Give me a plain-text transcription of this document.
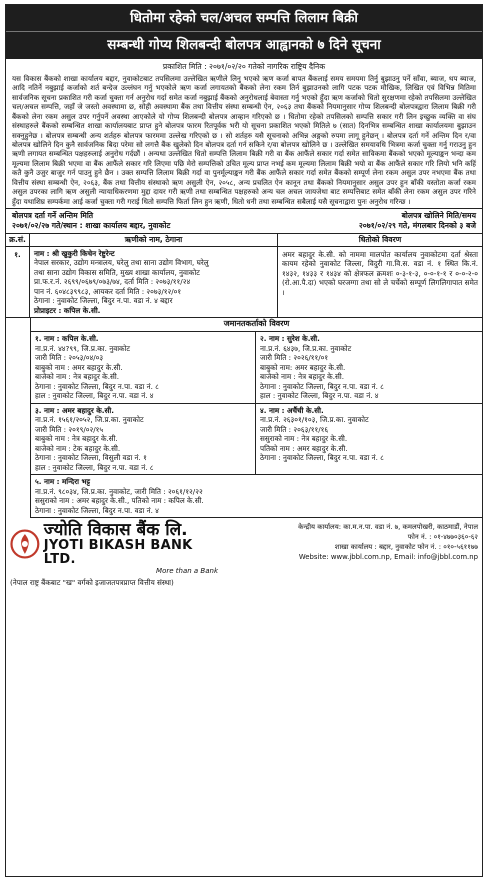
धितोमा रहेको चल/अचल सम्पत्ति लिलाम बिक्री
सम्बन्धी गोप्य शिलबन्दी बोलपत्र आह्वानको ७ दिने सूचना
प्रकाशित मिति : २०७१/०२/२० गतेको नागरिक राष्ट्रिय दैनिक
यस विकास बैंकको शाखा कार्यालय बद्दार, नुवाकोटबाट तपसिलमा उल्लेखित ऋणीले लिनु भएको ऋण कर्जा बापत बैंकलाई समय समयमा तिर्नु बुझाउनु पर्ने साँवा, ब्याज, थप ब्याज, आदि नतिर्ने नबुझाई कर्जाको शर्त बन्देज उल्लंघन गर्नु भएकोले ऋण कर्जा लगायतको बैंकको लेना रकम तिर्न बुझाउनको लागि पटक पटक मौखिक, लिखित एवं विभिन्न मितिमा सार्वजनिक सूचना प्रकाशित गरी कर्जा चुक्ता गर्न अनुरोध गर्दा समेत कर्जा नबुझाई बैंकको अनुरोधलाई बेवास्ता गर्नु भएको हुँदा ऋण कर्जाको धितो सुरक्षणमा रहेको तपसिलमा उल्लेखित चल/अचल सम्पत्ति, जहाँ जे जस्तो अवस्थामा छ, सोही अवस्थामा बैंक तथा वित्तीय संस्था सम्बन्धी ऐन, २०६३ तथा बैंकको नियमानुसार गोप्य शिलबन्दी बोलपत्रद्वारा लिलाम बिक्री गरी बैंकको लेना रकम असुल उपर गर्नुपर्ने अवस्था आएकोले यो गोप्य शिलबन्दी बोलपत्र आव्हान गरिएको छ । धितोमा रहेको तपसिलको सम्पत्ति सकार गरी लिन इच्छुक व्यक्ति वा संघ संस्थाहरुले बैंकको सम्बन्धित शाखा कार्यालयबाट प्राप्त हुने बोलपत्र फारम रितपूर्वक भरी यो सूचना प्रकाशित भएको मितिले ७ (सात) दिनभित्र सम्बन्धित शाखा कार्यालयमा बुझाउन सक्नुहुनेछ । बोलपत्र सम्बन्धी अन्य शर्तहरु बोलपत्र फारममा उल्लेख गरिएको छ । सो शर्तहरु यसै सूचनाको अभिन्न अङ्गको रुपमा लागू हुनेछन् । बोलपत्र दर्ता गर्ने अन्तिम दिन र/वा बोलपत्र खोलिने दिन कुनै सार्वजनिक बिदा परेमा सो लगत्तै बैंक खुलेको दिन बोलपत्र दर्ता गर्न सकिने र/वा बोलपत्र खोलिने छ । उल्लेखित समयावधि भित्रमा कर्जा चुक्ता गर्नु गराउनु हुन ऋणी लगायत सम्बन्धित पक्षहरुलाई अनुरोध गर्दछौं । अन्यथा उल्लेखित धितो सम्पत्ति लिलाम बिक्री गरी वा बैंक आफैंले सकार गर्दा समेत साविकमा बैंकको भएको मूल्याङ्कन भन्दा कम मूल्यमा लिलाम बिक्री भएमा वा बैंक आफैंले सकार गरि लिएमा पछि मेरो सम्पत्तिको उचित मूल्य प्राप्त नभई कम मूल्यमा लिलाम बिक्री भयो वा बैंक आफैंले सकार गरि लियो भनि कहिं कतै कुनै उजुर बाजुर गर्न पाउनु हुने छैन । उक्त सम्पत्ति लिलाम बिक्री गर्दा वा पुनर्मूल्याङ्कन गरी बैंक आफैंले सकार गर्दा समेत बैंकको सम्पूर्ण लेना रकम असुल उपर नभएमा बैंक तथा वित्तीय संस्था सम्बन्धी ऐन, २०६३, बैंक तथा वित्तीय संस्थाको ऋण असुली ऐन, २०५८, अन्य प्रचलित ऐन कानून तथा बैंकको नियमानुसार असुल उपर हुन बाँकी यस्तोता कर्जा रकम असुल उपरका लागि ऋण असुली न्यायाधिकरणमा मुद्दा दायर गरी ऋणी तथा सम्बन्धित पक्षहरुको अन्य चल अचल जायजेथा बाट सम्पत्तिबाट समेत बाँकी लेना रकम असुल उपर गरिने हुँदा यथाशिघ्र सम्पर्कमा आई कर्जा चुक्ता गरी गराई धितो सम्पत्ति फिर्ता लिन हुन ऋणी, धितो धनी तथा सम्बन्धित सबैलाई यसै सूचनाद्वारा पुनः अनुरोध गरिन्छ ।
बोलपत्र दर्ता गर्ने अन्तिम मिति	बोलपत्र खोलिने मिति/समय
२०७१/०२/२७ गते/स्थान : शाखा कार्यालय बद्दार, नुवाकोट	२०७१/०२/२९ गते, मंगलबार दिनको ३ बजे
क्र.सं.	ऋणीको नाम, ठेगाना	धितोको विवरण
१.	नाम : श्री खुकुरी किचेन रेष्टुरेन्ट
नेपाल सरकार, उद्योग मन्त्रालय, घरेलु तथा साना उद्योग विभाग, घरेलु
तथा साना उद्योग विकास समिति, मुख्य शाखा कार्यालय, नुवाकोट
प्रा.फ.र.नं. २६९९/०६७९/०७३/७४, दर्ता मिति : २०७३/११/२४
पान नं. ६०४८३९९८३, आयकर दर्ता मिति : २०७३/१२/०१
ठेगाना : नुवाकोट जिल्ला, बिदुर न.पा. वडा नं. ४ बद्दार
प्रोप्राइटर : कपिल के.सी.
अमर बहादुर के.सी. को नाममा मालपोत कार्यालय नुवाकोटमा दर्ता श्रेस्ता कायम रहेको नुवाकोट जिल्ला, विदुरी गा.वि.स. वडा नं. १ स्थित कि.नं. १४३२, १४३३ र १४३४ को क्षेत्रफल क्रमशः ०-३-१-३, ०-०-१-१ र ०-०-२-० (रो.आ.पै.दा) भएको घरजग्गा तथा सो ले चर्चेको सम्पूर्ण लिगलिगापात समेत ।
जमानतकर्ताको विवरण
१. नाम : कपिल के.सी.
ना.प्र.नं. ४४?९९, जि.प्र.का. नुवाकोट
जारी मिति : २०५३/०४/०३
बाबुको नाम : अमर बहादुर के.सी.
बाजेको नाम : नेत्र बहादुर के.सी.
ठेगाना : नुवाकोट जिल्ला, बिदुर न.पा. वडा नं. ८
हाल : नुवाकोट जिल्ला, बिदुर न.पा. वडा नं. ४
२. नाम : सुरेश के.सी.
ना.प्र.नं. ६४३७, जि.प्र.का. नुवाकोट
जारी मिति : २०२६/११/०१
बाबुको नाम: अमर बहादुर के.सी.
बाजेको नाम : नेत्र बहादुर के.सी.
ठेगाना : नुवाकोट जिल्ला, बिदुर न.पा. वडा नं. ८
हाल : नुवाकोट जिल्ला, बिदुर न.पा. वडा नं. ४
३. नाम : अमर बहादुर के.सी.
ना.प्र.नं. १५६१/२०५२, जि.प्र.का. नुवाकोट
जारी मिति : २०१९/०२/१५
बाबुको नाम : नेत्र बहादुर के.सी.
बाजेको नाम : टेक बहादुर के.सी.
ठेगाना : नुवाकोट जिल्ला, विसुली वडा नं. १
हाल : नुवाकोट जिल्ला, बिदुर न.पा. वडा नं. ८
४. नाम : अर्चैची के.सी.
ना.प्र.नं. २६३०१/१०३, जि.प्र.का. नुवाकोट
जारी मिति : २०६३/११/१६
ससुराको नाम : नेत्र बहादुर के.सी.
पतिको नाम : अमर बहादुर के.सी.
ठेगाना : नुवाकोट जिल्ला, बिदुर न.पा. वडा नं. ८
५. नाम : मन्दिरा भट्ट
ना.प्र.नं. ९८०३४, जि.प्र.का. नुवाकोट, जारी मिति : २०६१/१२/२२
ससुराको नाम : अमर बहादुर के.सी., पतिको नाम : कपिल के.सी.
ठेगाना : नुवाकोट जिल्ला, बिदुर न.पा. वडा नं. ४
ज्योति विकास बैंक लि.
JYOTI BIKASH BANK LTD.
More than a Bank
(नेपाल राष्ट्र बैंकबाट "ख" वर्गको इजाजतपत्रप्राप्त वित्तीय संस्था)
केन्द्रीय कार्यालय: का.म.न.पा. वडा नं. ७, कमलपोखरी, काठमाडौं, नेपाल
फोन नं. : ०१-४७७०३६०-६२
शाखा कार्यालय : बद्दार, नुवाकोट फोन नं. : ०१०-५६११७७
Website: www.jbbl.com.np, Email: info@jbbl.com.np
